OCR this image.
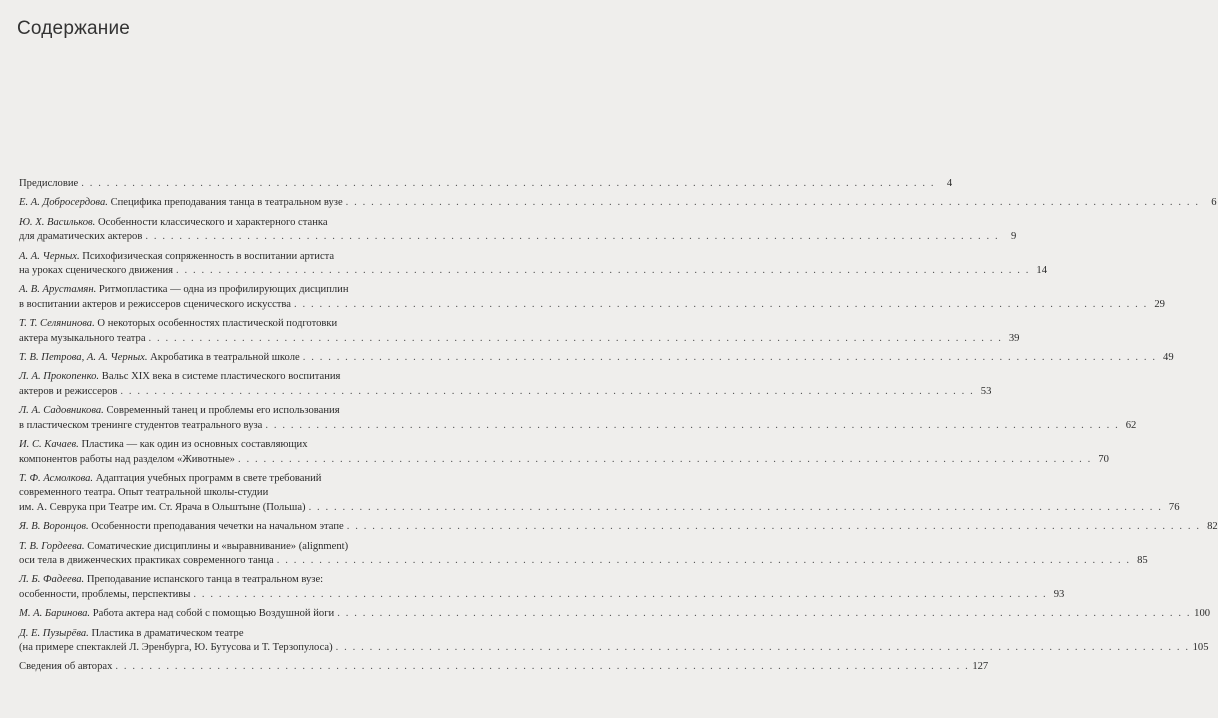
Содержание
Предисловие . . .	4
Е. А. Добросердова. Специфика преподавания танца в театральном вузе . . .	6
Ю. Х. Васильков. Особенности классического и характерного станка
для драматических актеров . . .	9
А. А. Черных. Психофизическая сопряженность в воспитании артиста
на уроках сценического движения . . .	14
А. В. Арустамян. Ритмопластика — одна из профилирующих дисциплин
в воспитании актеров и режиссеров сценического искусства . . .	29
Т. Т. Селянинова. О некоторых особенностях пластической подготовки
актера музыкального театра . . .	39
Т. В. Петрова, А. А. Черных. Акробатика в театральной школе . . .	49
Л. А. Прокопенко. Вальс XIX века в системе пластического воспитания
актеров и режиссеров . . .	53
Л. А. Садовникова. Современный танец и проблемы его использования
в пластическом тренинге студентов театрального вуза . . .	62
И. С. Качаев. Пластика — как один из основных составляющих
компонентов работы над разделом «Животные» . . .	70
Т. Ф. Асмолкова. Адаптация учебных программ в свете требований
современного театра. Опыт театральной школы-студии
им. А. Севрука при Театре им. Ст. Ярача в Ольштыне (Польша) . . .	76
Я. В. Воронцов. Особенности преподавания чечетки на начальном этапе . . .	82
Т. В. Гордеева. Соматические дисциплины и «выравнивание» (alignment)
оси тела в движенческих практиках современного танца . . .	85
Л. Б. Фадеева. Преподавание испанского танца в театральном вузе:
особенности, проблемы, перспективы . . .	93
М. А. Баринова. Работа актера над собой с помощью Воздушной йоги . . .	100
Д. Е. Пузырёва. Пластика в драматическом театре
(на примере спектаклей Л. Эренбурга, Ю. Бутусова и Т. Терзопулоса) . . .	105
Сведения об авторах . . .	127
